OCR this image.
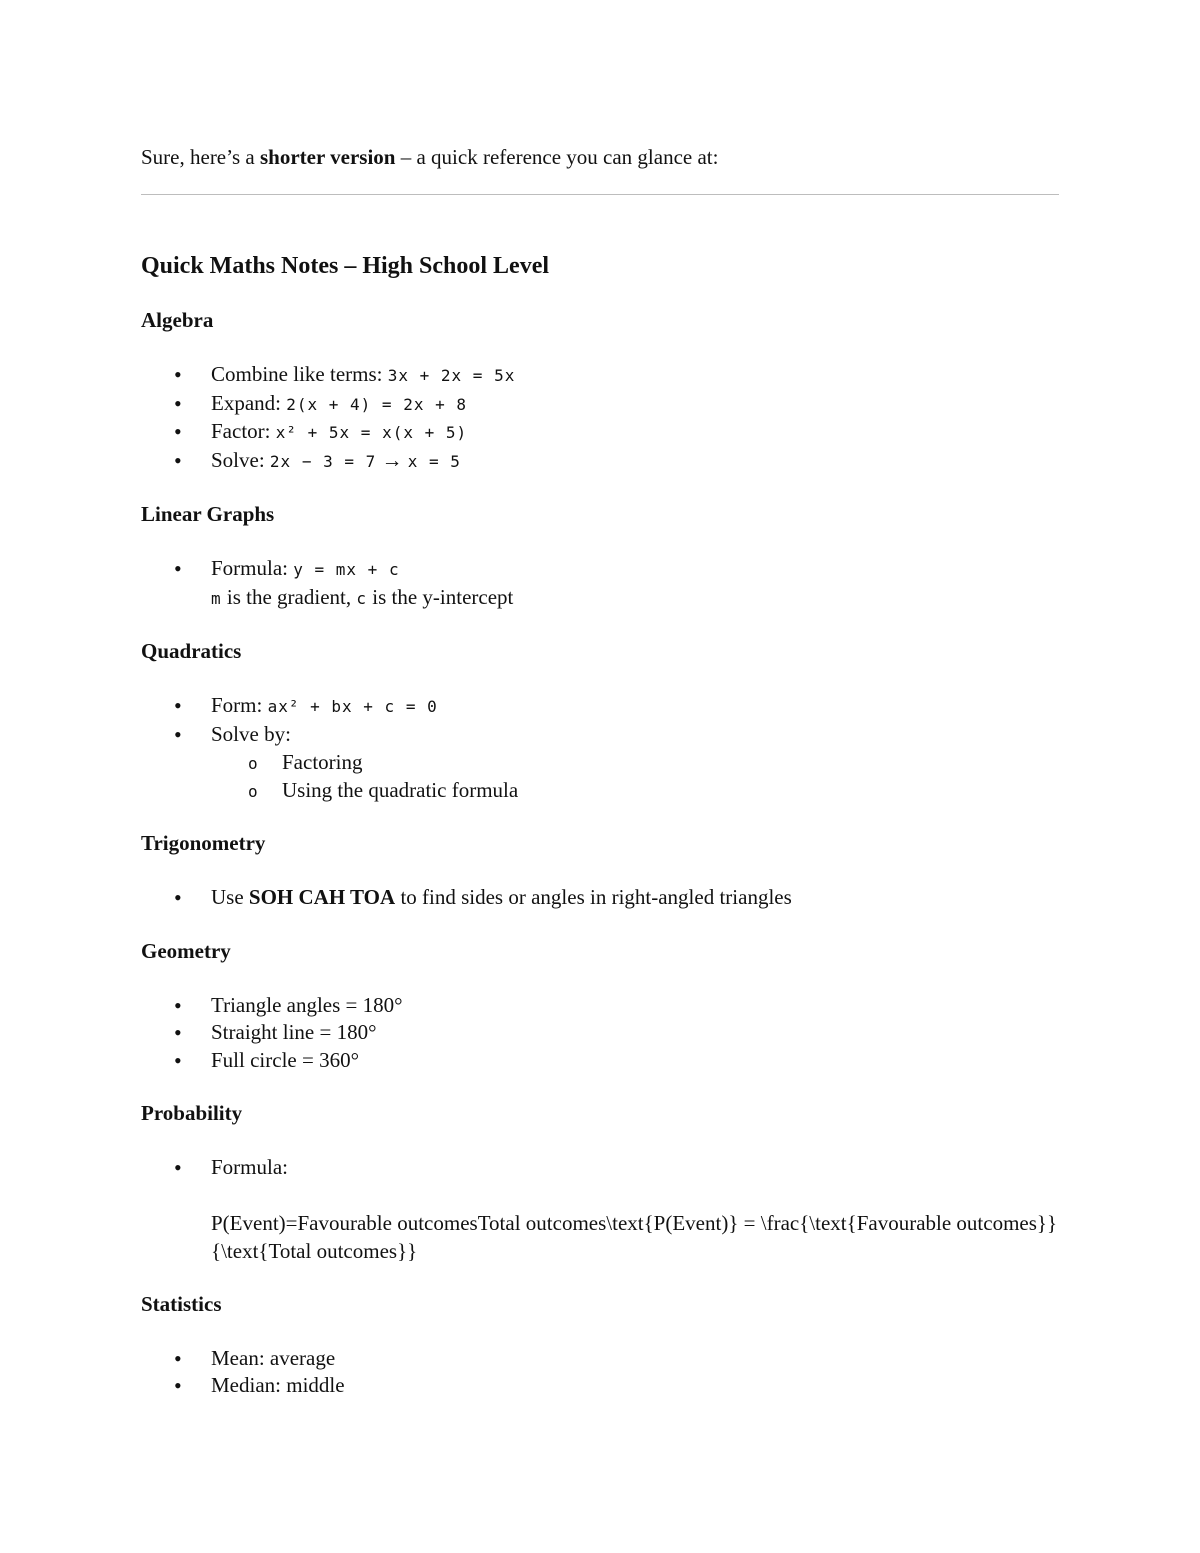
Sure, here’s a shorter version – a quick reference you can glance at:

Quick Maths Notes – High School Level
Algebra
• Combine like terms: 3x + 2x = 5x
• Expand: 2(x + 4) = 2x + 8
• Factor: x² + 5x = x(x + 5)
• Solve: 2x − 3 = 7 → x = 5
Linear Graphs
• Formula: y = mx + c
m is the gradient, c is the y-intercept
Quadratics
• Form: ax² + bx + c = 0
• Solve by:
o Factoring
o Using the quadratic formula
Trigonometry
• Use SOH CAH TOA to find sides or angles in right-angled triangles
Geometry
• Triangle angles = 180°
• Straight line = 180°
• Full circle = 360°
Probability
• Formula:
P(Event)=Favourable outcomesTotal outcomes\text{P(Event)} = \frac{\text{Favourable outcomes}}{\text{Total outcomes}}
Statistics
• Mean: average
• Median: middle
